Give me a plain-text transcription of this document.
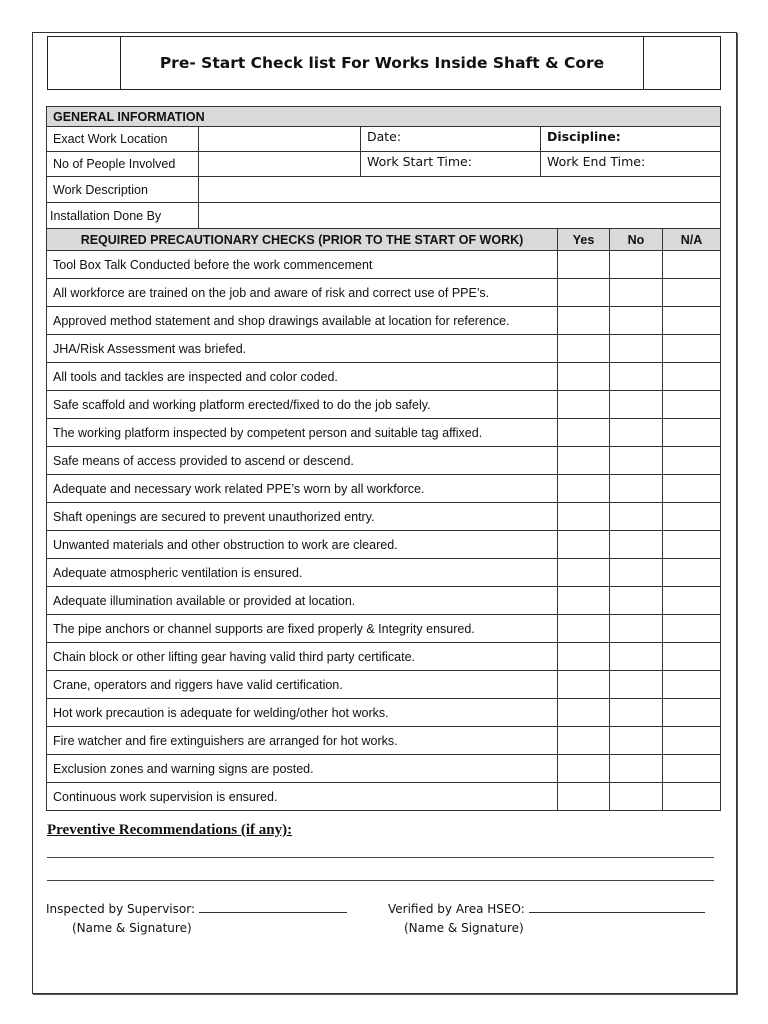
Pre- Start Check list For Works Inside Shaft & Core
GENERAL INFORMATION						
Exact Work Location		Date:	Discipline:			
No of People Involved		Work Start Time:	Work End Time:			
Work Description						
Installation Done By						
REQUIRED PRECAUTIONARY CHECKS (PRIOR TO THE START OF WORK)				Yes	No	N/A
Tool Box Talk Conducted before the work commencement						
All workforce are trained on the job and aware of risk and correct use of PPE’s.						
Approved method statement and shop drawings available at location for reference.						
JHA/Risk Assessment was briefed.						
All tools and tackles are inspected and color coded.						
Safe scaffold and working platform erected/fixed to do the job safely.						
The working platform inspected by competent person and suitable tag affixed.						
Safe means of access provided to ascend or descend.						
Adequate and necessary work related PPE’s worn by all workforce.						
Shaft openings are secured to prevent unauthorized entry.						
Unwanted materials and other obstruction to work are cleared.						
Adequate atmospheric ventilation is ensured.						
Adequate illumination available or provided at location.						
The pipe anchors or channel supports are fixed properly & Integrity ensured.						
Chain block or other lifting gear having valid third party certificate.						
Crane, operators and riggers have valid certification.						
Hot work precaution is adequate for welding/other hot works.						
Fire watcher and fire extinguishers are arranged for hot works.						
Exclusion zones and warning signs are posted.						
Continuous work supervision is ensured.						
Preventive Recommendations (if any):
Inspected by Supervisor:
(Name & Signature)
Verified by Area HSEO:
(Name & Signature)
